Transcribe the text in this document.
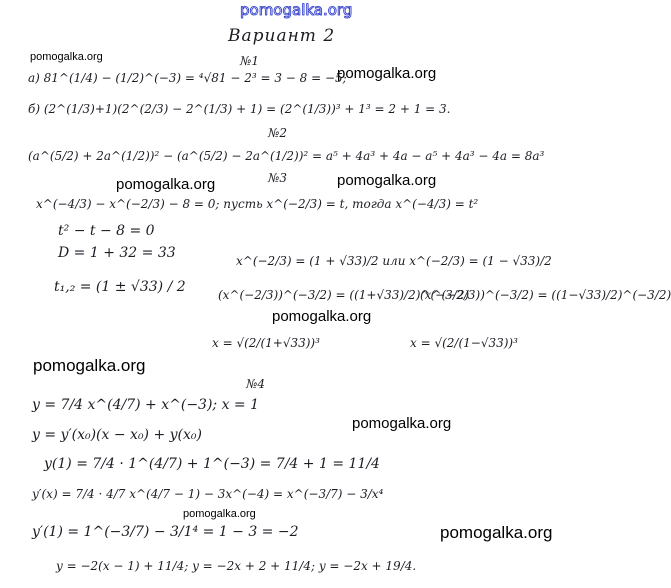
pomogalka.org
pomogalka.org
pomogalka.org
pomogalka.org	pomogalka.org
pomogalka.org
pomogalka.org
pomogalka.org
pomogalka.org
pomogalka.org
Вариант 2
№1
а) 81^(1/4) − (1/2)^(−3) = ⁴√81 − 2³ = 3 − 8 = −5;
б) (2^(1/3)+1)(2^(2/3) − 2^(1/3) + 1) = (2^(1/3))³ + 1³ = 2 + 1 = 3.
№2
(a^(5/2) + 2a^(1/2))² − (a^(5/2) − 2a^(1/2))² = a⁵ + 4a³ + 4a − a⁵ + 4a³ − 4a = 8a³
№3
x^(−4/3) − x^(−2/3) − 8 = 0; пусть x^(−2/3) = t, тогда x^(−4/3) = t²
t² − t − 8 = 0
D = 1 + 32 = 33
t₁,₂ = (1 ± √33) / 2
x^(−2/3) = (1 + √33)/2 или x^(−2/3) = (1 − √33)/2
(x^(−2/3))^(−3/2) = ((1+√33)/2)^(−3/2)
(x^(−2/3))^(−3/2) = ((1−√33)/2)^(−3/2)
x = √(2/(1+√33))³	x = √(2/(1−√33))³
№4
y = 7/4 x^(4/7) + x^(−3); x = 1
y = y′(x₀)(x − x₀) + y(x₀)
y(1) = 7/4 · 1^(4/7) + 1^(−3) = 7/4 + 1 = 11/4
y′(x) = 7/4 · 4/7 x^(4/7 − 1) − 3x^(−4) = x^(−3/7) − 3/x⁴
y′(1) = 1^(−3/7) − 3/1⁴ = 1 − 3 = −2
y = −2(x − 1) + 11/4; y = −2x + 2 + 11/4; y = −2x + 19/4.
